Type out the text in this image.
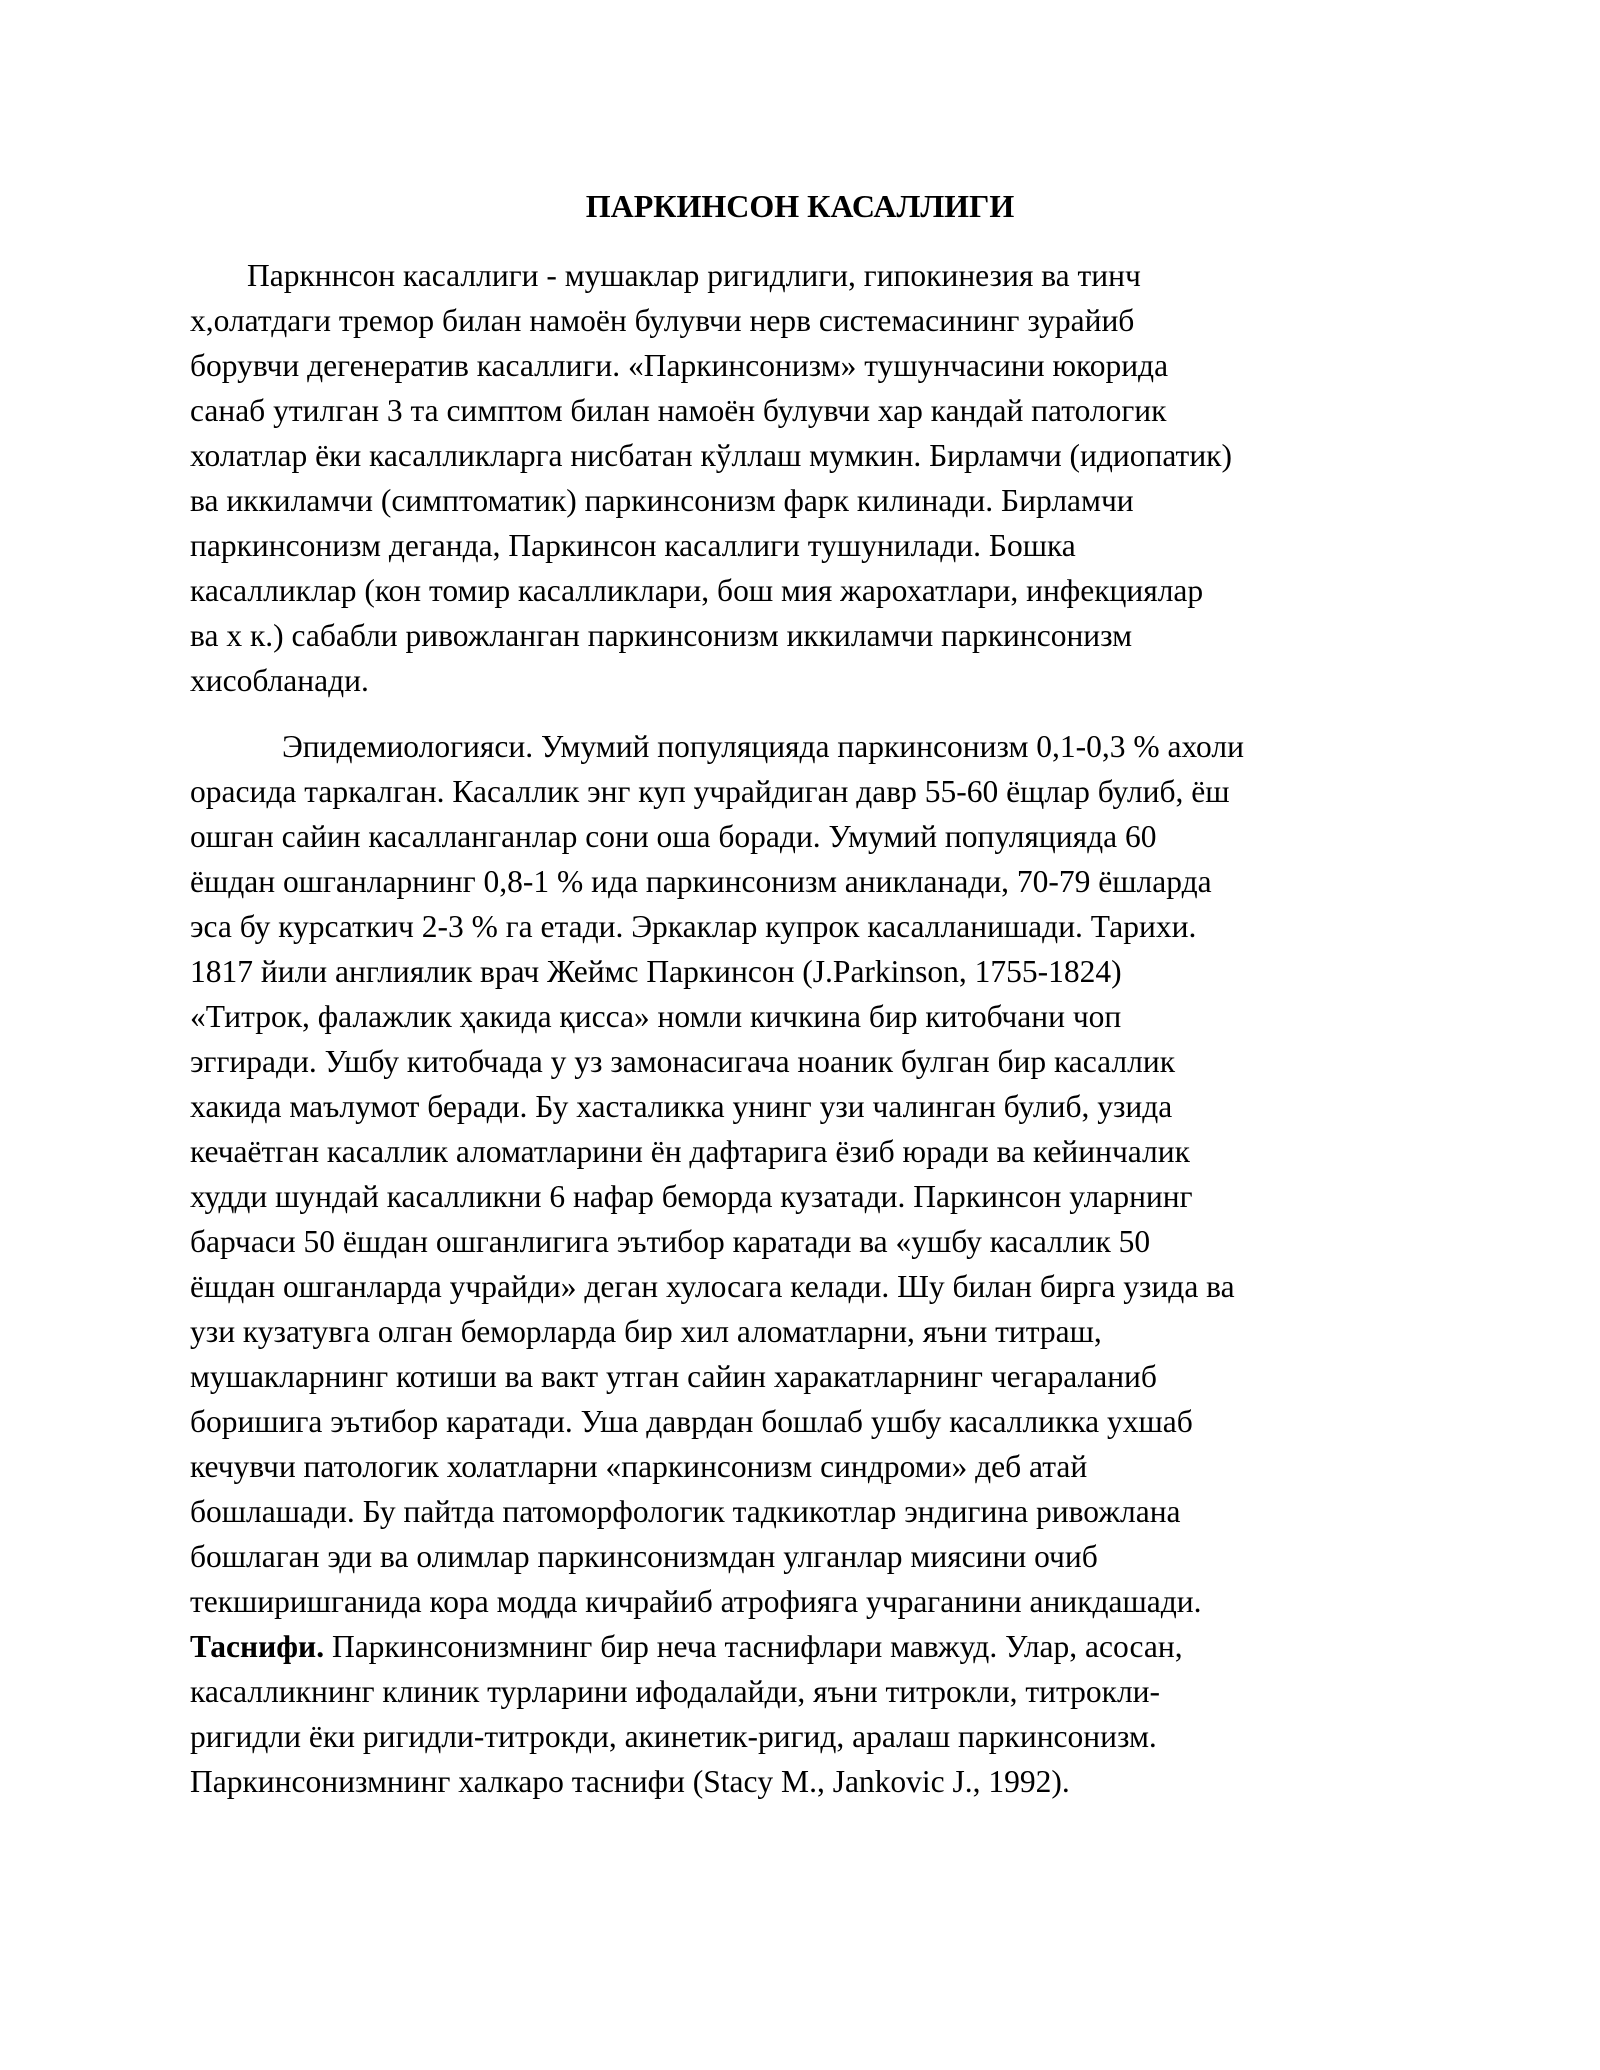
ПАРКИНСОН КАСАЛЛИГИ

Паркннсон касаллиги - мушаклар ригидлиги, гипокинезия ва тинч

х,олатдаги тремор билан намоён булувчи нерв системасининг зурайиб

борувчи дегенератив касаллиги. «Паркинсонизм» тушунчасини юкорида

санаб утилган 3 та симптом билан намоён булувчи хар кандай патологик

холатлар ёки касалликларга нисбатан кўллаш мумкин. Бирламчи (идиопатик)

ва иккиламчи (симптоматик) паркинсонизм фарк килинади. Бирламчи

паркинсонизм деганда, Паркинсон касаллиги тушунилади. Бошка

касалликлар (кон томир касалликлари, бош мия жарохатлари, инфекциялар

ва х к.) сабабли ривожланган паркинсонизм иккиламчи паркинсонизм

хисобланади.

Эпидемиологияси. Умумий популяцияда паркинсонизм 0,1-0,3 % ахоли

орасида таркалган. Касаллик энг куп учрайдиган давр 55-60 ёщлар булиб, ёш

ошган сайин касалланганлар сони оша боради. Умумий популяцияда 60

ёшдан ошганларнинг 0,8-1 % ида паркинсонизм аникланади, 70-79 ёшларда

эса бу курсаткич 2-3 % га етади. Эркаклар купрок касалланишади. Тарихи.

1817 йили англиялик врач Жеймс Паркинсон (J.Parkinson, 1755-1824)

«Титрок, фалажлик ҳакида қисса» номли кичкина бир китобчани чоп

эггиради. Ушбу китобчада у уз замонасигача ноаник булган бир касаллик

хакида маълумот беради. Бу хасталикка унинг узи чалинган булиб, узида

кечаётган касаллик аломатларини ён дафтарига ёзиб юради ва кейинчалик

худди шундай касалликни 6 нафар беморда кузатади. Паркинсон уларнинг

барчаси 50 ёшдан ошганлигига эътибор каратади ва «ушбу касаллик 50

ёшдан ошганларда учрайди» деган хулосага келади. Шу билан бирга узида ва

узи кузатувга олган беморларда бир хил аломатларни, яъни титраш,

мушакларнинг котиши ва вакт утган сайин харакатларнинг чегараланиб

боришига эътибор каратади. Уша даврдан бошлаб ушбу касалликка ухшаб

кечувчи патологик холатларни «паркинсонизм синдроми» деб атай

бошлашади. Бу пайтда патоморфологик тадкикотлар эндигина ривожлана

бошлаган эди ва олимлар паркинсонизмдан улганлар миясини очиб

текширишганида кора модда кичрайиб атрофияга учраганини аникдашади.

Таснифи. Паркинсонизмнинг бир неча таснифлари мавжуд. Улар, асосан,

касалликнинг клиник турларини ифодалайди, яъни титрокли, титрокли-

ригидли ёки ригидли-титрокди, акинетик-ригид, аралаш паркинсонизм.

Паркинсонизмнинг халкаро таснифи (Stacy M., Jankovic J., 1992).
